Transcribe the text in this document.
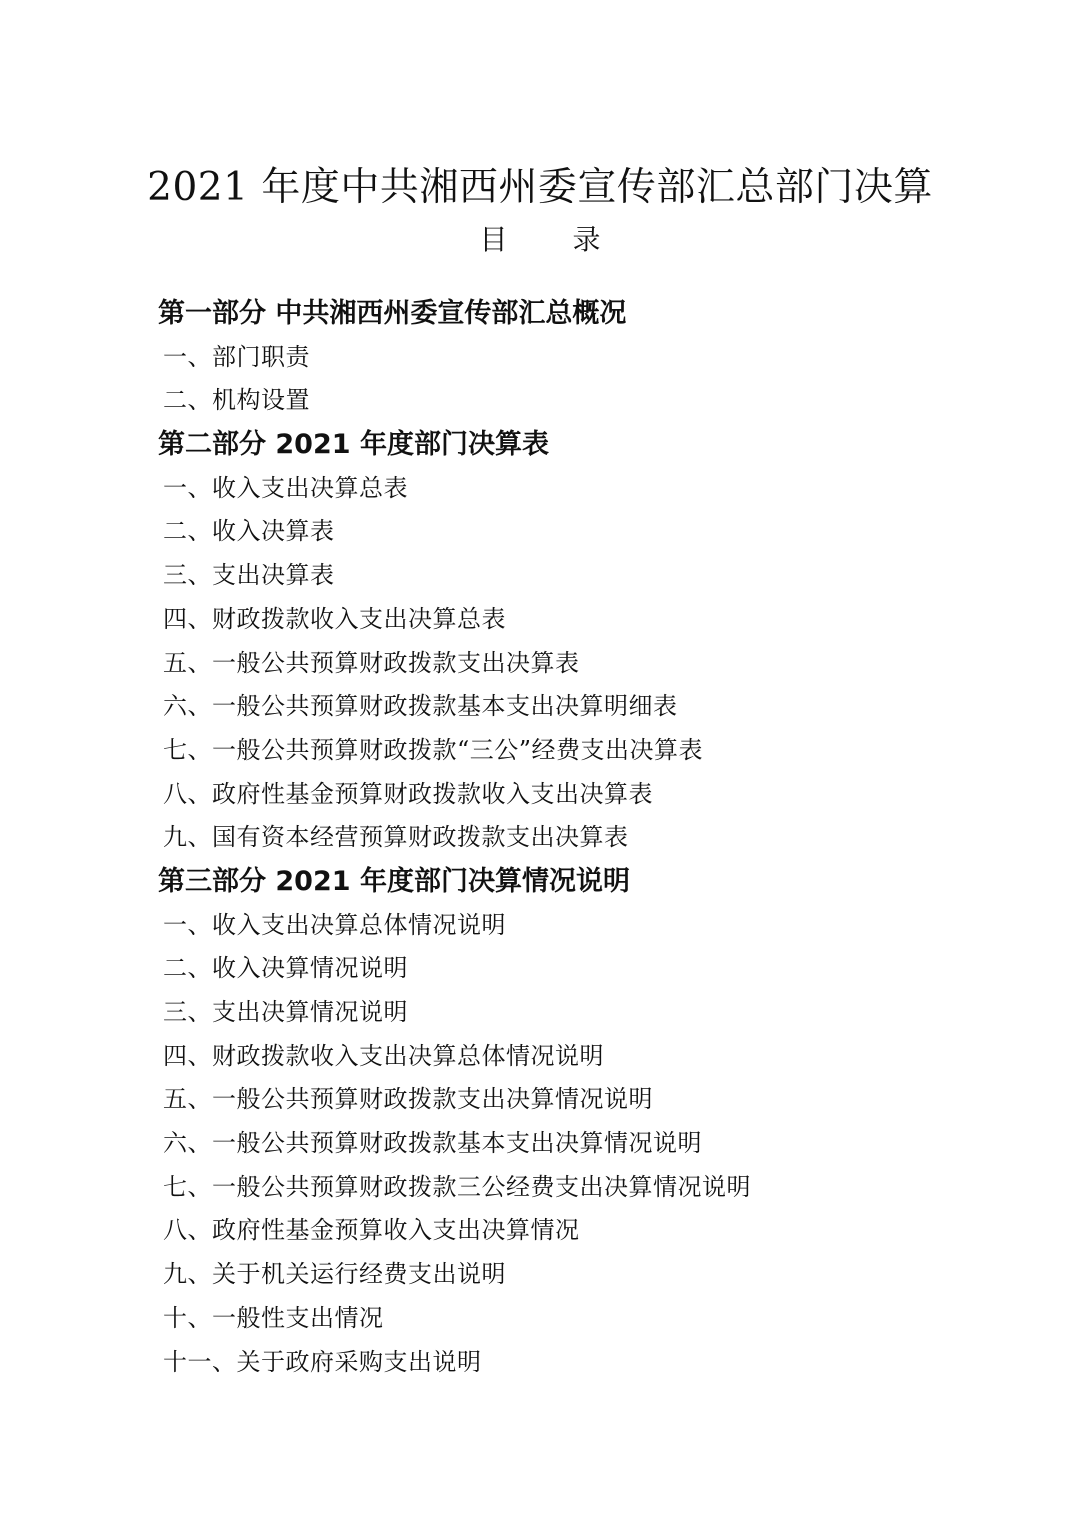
2021 年度中共湘西州委宣传部汇总部门决算
目 录
第一部分 中共湘西州委宣传部汇总概况
一、部门职责
二、机构设置
第二部分 2021 年度部门决算表
一、收入支出决算总表
二、收入决算表
三、支出决算表
四、财政拨款收入支出决算总表
五、一般公共预算财政拨款支出决算表
六、一般公共预算财政拨款基本支出决算明细表
七、一般公共预算财政拨款“三公”经费支出决算表
八、政府性基金预算财政拨款收入支出决算表
九、国有资本经营预算财政拨款支出决算表
第三部分 2021 年度部门决算情况说明
一、收入支出决算总体情况说明
二、收入决算情况说明
三、支出决算情况说明
四、财政拨款收入支出决算总体情况说明
五、一般公共预算财政拨款支出决算情况说明
六、一般公共预算财政拨款基本支出决算情况说明
七、一般公共预算财政拨款三公经费支出决算情况说明
八、政府性基金预算收入支出决算情况
九、关于机关运行经费支出说明
十、一般性支出情况
十一、关于政府采购支出说明
